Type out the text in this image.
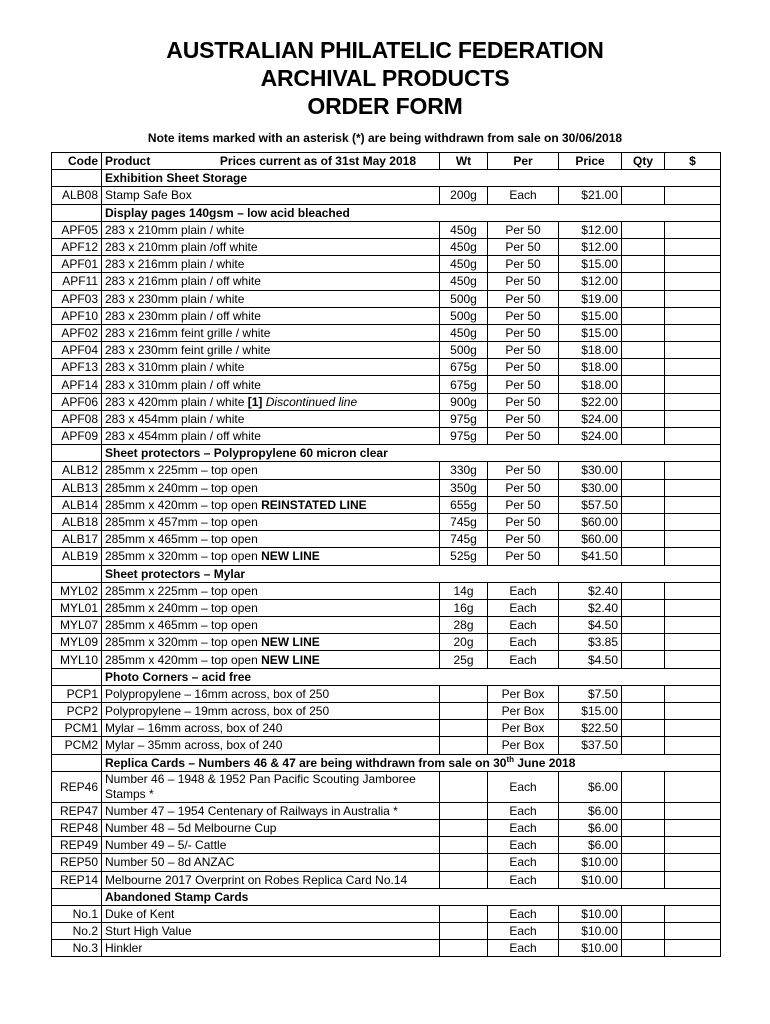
AUSTRALIAN PHILATELIC FEDERATION
ARCHIVAL PRODUCTS
ORDER FORM
Note items marked with an asterisk (*) are being withdrawn from sale on 30/06/2018
Code	Product Prices current as of 31st May 2018	Wt	Per	Price	Qty	$
	Exhibition Sheet Storage					
ALB08	Stamp Safe Box	200g	Each	$21.00		
	Display pages 140gsm – low acid bleached					
APF05	283 x 210mm plain / white	450g	Per 50	$12.00		
APF12	283 x 210mm plain /off white	450g	Per 50	$12.00		
APF01	283 x 216mm plain / white	450g	Per 50	$15.00		
APF11	283 x 216mm plain / off white	450g	Per 50	$12.00		
APF03	283 x 230mm plain / white	500g	Per 50	$19.00		
APF10	283 x 230mm plain / off white	500g	Per 50	$15.00		
APF02	283 x 216mm feint grille / white	450g	Per 50	$15.00		
APF04	283 x 230mm feint grille / white	500g	Per 50	$18.00		
APF13	283 x 310mm plain / white	675g	Per 50	$18.00		
APF14	283 x 310mm plain / off white	675g	Per 50	$18.00		
APF06	283 x 420mm plain / white [1] Discontinued line	900g	Per 50	$22.00		
APF08	283 x 454mm plain / white	975g	Per 50	$24.00		
APF09	283 x 454mm plain / off white	975g	Per 50	$24.00		
	Sheet protectors – Polypropylene 60 micron clear					
ALB12	285mm x 225mm – top open	330g	Per 50	$30.00		
ALB13	285mm x 240mm – top open	350g	Per 50	$30.00		
ALB14	285mm x 420mm – top open REINSTATED LINE	655g	Per 50	$57.50		
ALB18	285mm x 457mm – top open	745g	Per 50	$60.00		
ALB17	285mm x 465mm – top open	745g	Per 50	$60.00		
ALB19	285mm x 320mm – top open NEW LINE	525g	Per 50	$41.50		
	Sheet protectors – Mylar					
MYL02	285mm x 225mm – top open	14g	Each	$2.40		
MYL01	285mm x 240mm – top open	16g	Each	$2.40		
MYL07	285mm x 465mm – top open	28g	Each	$4.50		
MYL09	285mm x 320mm – top open NEW LINE	20g	Each	$3.85		
MYL10	285mm x 420mm – top open NEW LINE	25g	Each	$4.50		
	Photo Corners – acid free					
PCP1	Polypropylene – 16mm across, box of 250		Per Box	$7.50		
PCP2	Polypropylene – 19mm across, box of 250		Per Box	$15.00		
PCM1	Mylar – 16mm across, box of 240		Per Box	$22.50		
PCM2	Mylar – 35mm across, box of 240		Per Box	$37.50		
	Replica Cards – Numbers 46 & 47 are being withdrawn from sale on 30th June 2018					
REP46	Number 46 – 1948 & 1952 Pan Pacific Scouting Jamboree Stamps *		Each	$6.00		
REP47	Number 47 – 1954 Centenary of Railways in Australia *		Each	$6.00		
REP48	Number 48 – 5d Melbourne Cup		Each	$6.00		
REP49	Number 49 – 5/- Cattle		Each	$6.00		
REP50	Number 50 – 8d ANZAC		Each	$10.00		
REP14	Melbourne 2017 Overprint on Robes Replica Card No.14		Each	$10.00		
	Abandoned Stamp Cards					
No.1	Duke of Kent		Each	$10.00		
No.2	Sturt High Value		Each	$10.00		
No.3	Hinkler		Each	$10.00		
